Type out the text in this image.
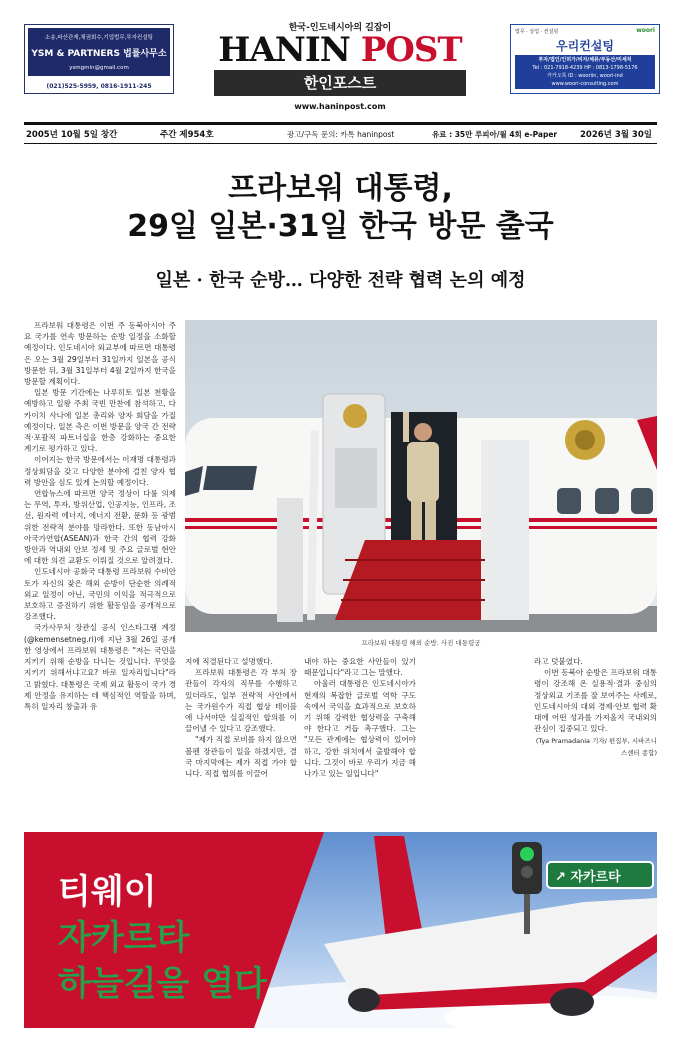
소송,파산관재,채권회수,기업법무,투자컨설팅
YSM & PARTNERS 법률사무소
ysmgmin@gmail.com
(021)525-5959, 0816-1911-245
한국-인도네시아의 길잡이
HANIN POST
한인포스트
www.haninpost.com
법무 · 상업 · 컨설팅	woori
우리컨설팅
투자/법인/인허가/비자/체류/부동산/미세처
Tel : 021-7918-4239 HP : 0813-1798-5176
카카오톡 ID : wooriin, woori-ind
www.woori-consulting.com
2005년 10월 5일 창간	주간 제954호	광고/구독 문의: 카톡 haninpost	유료 : 35만 루피아/월 4회 e-Paper	2026년 3월 30일
프라보워 대통령,
29일 일본·31일 한국 방문 출국
일본 · 한국 순방… 다양한 전략 협력 논의 예정

프라보워 대통령은 이번 주 동북아시아 주요 국가를 연속 방문하는 순방 일정을 소화할 예정이다. 인도네시아 외교부에 따르면 대통령은 오는 3월 29일부터 31일까지 일본을 공식 방문한 뒤, 3월 31일부터 4월 2일까지 한국을 방문할 계획이다.

일본 방문 기간에는 나루히토 일본 천황을 예방하고 일왕 주최 국빈 만찬에 참석하고, 다카이치 사나에 일본 총리와 양자 회담을 가질 예정이다. 일본 측은 이번 방문을 양국 간 전략적·포괄적 파트너십을 한층 강화하는 중요한 계기로 평가하고 있다.

이어지는 한국 방문에서는 이재명 대통령과 정상회담을 갖고 다양한 분야에 걸친 양자 협력 방안을 심도 있게 논의할 예정이다.

연합뉴스에 따르면 양국 정상이 다룰 의제는 무역, 투자, 방위산업, 인공지능, 인프라, 조선, 원자력 에너지, 에너지 전환, 문화 등 광범위한 전략적 분야를 망라한다. 또한 동남아시아국가연합(ASEAN)과 한국 간의 협력 강화 방안과 역내외 안보 정세 및 주요 글로벌 현안에 대한 의견 교환도 이뤄질 것으로 알려졌다.

인도네시아 공화국 대통령 프라보워 수비안토가 자신의 잦은 해외 순방이 단순한 의례적 외교 일정이 아닌, 국민의 이익을 적극적으로 보호하고 증진하기 위한 활동임을 공개적으로 강조했다.

국가사무처 장관실 공식 인스타그램 계정(@kemensetneg.ri)에 지난 3월 26일 공개한 영상에서 프라보워 대통령은 "저는 국민을 지키기 위해 순방을 다니는 것입니다. 무엇을 지키기 위해서냐고요? 바로 일자리입니다"라고 밝혔다. 대통령은 국제 외교 활동이 국가 경제 안정을 유지하는 데 핵심적인 역할을 하며, 특히 일자리 창출과 유

프라보워 대통령 해외 순방. 사진 대통령궁

지에 직결된다고 설명했다.

프라보워 대통령은 각 부처 장관들이 각자의 직무를 수행하고 있더라도, 일부 전략적 사안에서는 국가원수가 직접 협상 테이블에 나서야만 실질적인 합의를 이끌어낼 수 있다고 강조했다.

"제가 직접 로비를 하지 않으면 볼펜 장관들이 일을 하겠지만, 결국 마지막에는 제가 직접 가야 합니다. 직접 협의를 이끌어

내야 하는 중요한 사안들이 있기 때문입니다"라고 그는 말했다.

아울러 대통령은 인도네시아가 현재의 복잡한 글로벌 역학 구도 속에서 국익을 효과적으로 보호하기 위해 강력한 협상력을 구축해야 한다고 거듭 촉구했다. 그는 "모든 관계에는 협상력이 있어야 하고, 강한 위치에서 출발해야 합니다. 그것이 바로 우리가 지금 해나가고 있는 일입니다"

라고 덧붙였다.

이번 동북아 순방은 프라보워 대통령이 강조해 온 실용적·결과 중심의 정상외교 기조를 잘 보여주는 사례로, 인도네시아의 대외 경제·안보 협력 확대에 어떤 성과를 가져올지 국내외의 관심이 집중되고 있다.

(Tya Pramadania 기자/ 편집부, 시바즈니스센터 종합)

티웨이
자카르타
하늘길을 열다
↗ 자카르타
